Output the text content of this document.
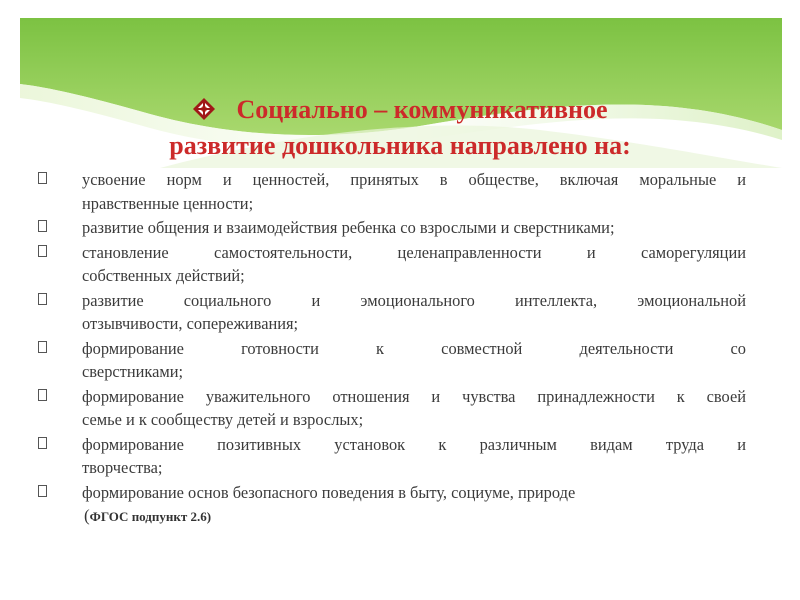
Социально – коммуникативное
развитие дошкольника направлено на:
усвоение норм и ценностей, принятых в обществе, включая моральные и
нравственные ценности;
развитие общения и взаимодействия ребенка со взрослыми и сверстниками;
становление самостоятельности, целенаправленности и саморегуляции
собственных действий;
развитие социального и эмоционального интеллекта, эмоциональной
отзывчивости, сопереживания;
формирование готовности к совместной деятельности со
сверстниками;
формирование уважительного отношения и чувства принадлежности к своей
семье и к сообществу детей и взрослых;
формирование позитивных установок к различным видам труда и
творчества;
формирование основ безопасного поведения в быту, социуме, природе

(ФГОС подпункт 2.6)
